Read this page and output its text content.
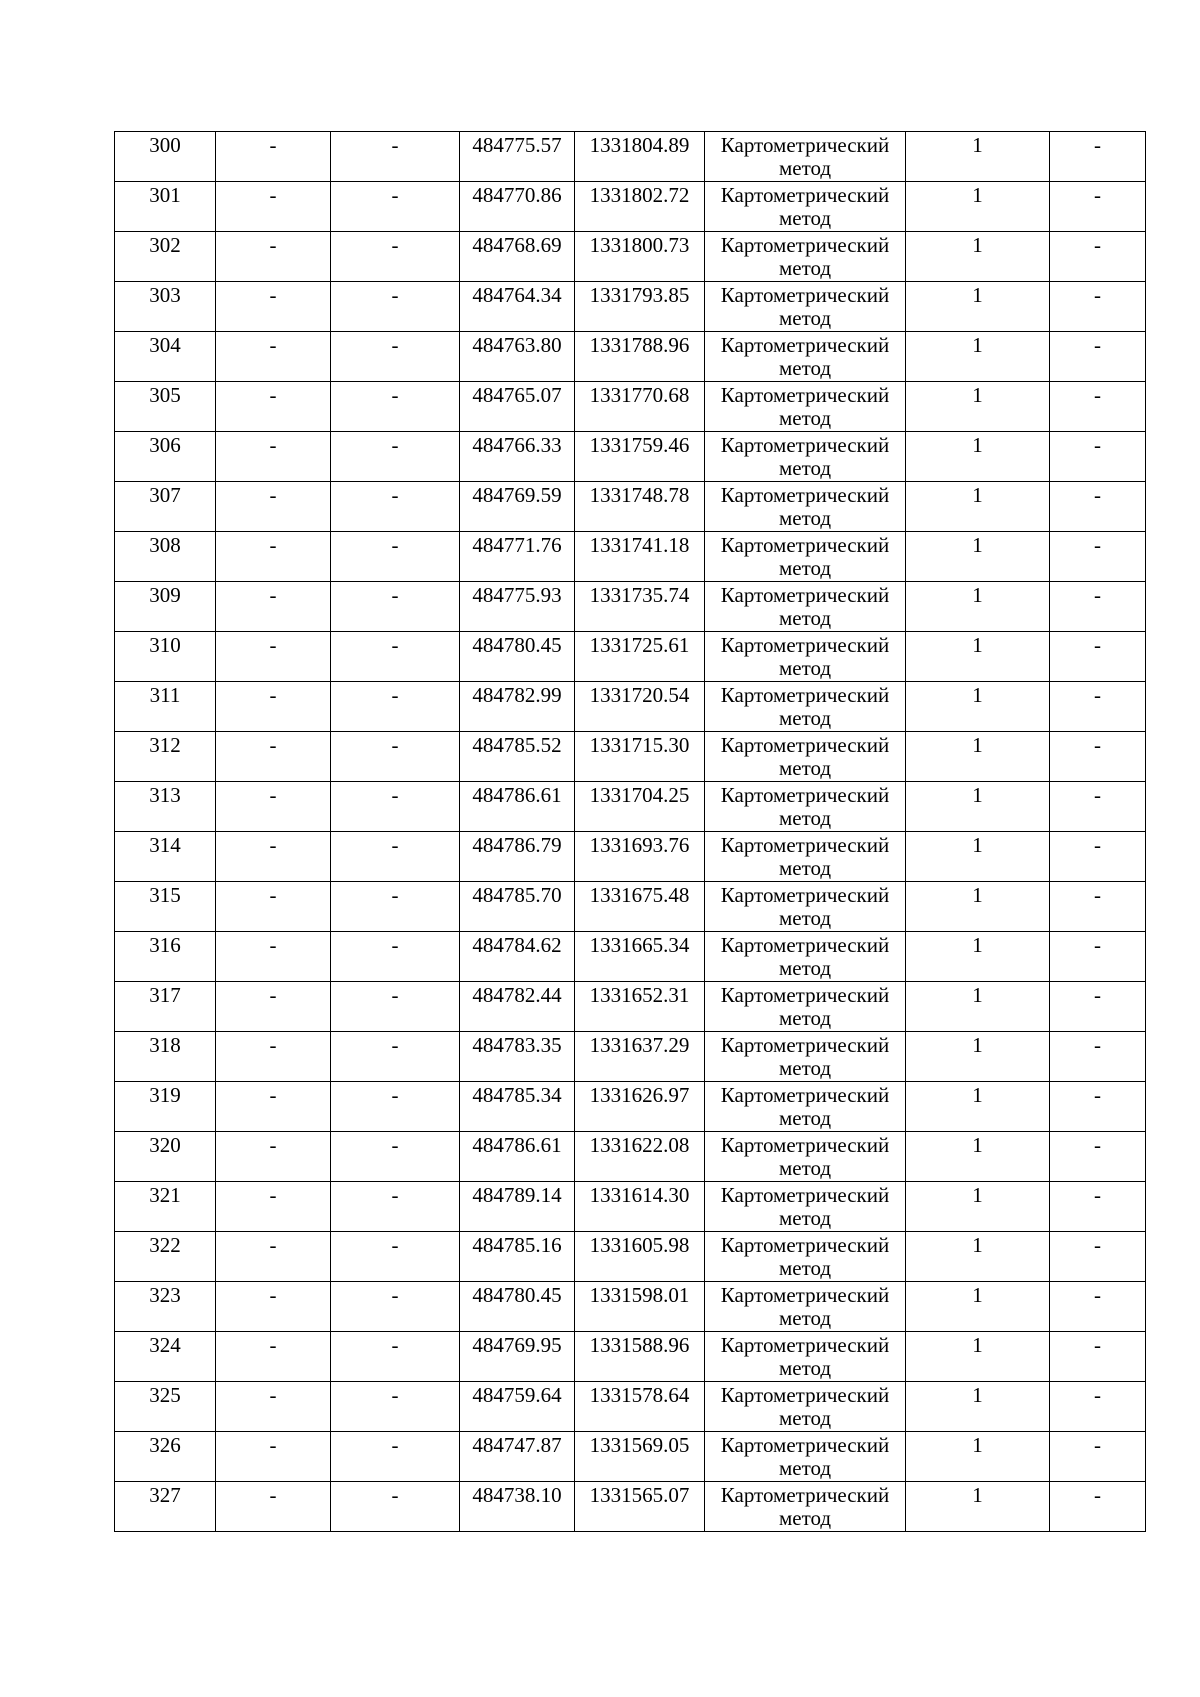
300	-	-	484775.57	1331804.89	Картометрический метод	1	-

301	-	-	484770.86	1331802.72	Картометрический метод	1	-

302	-	-	484768.69	1331800.73	Картометрический метод	1	-

303	-	-	484764.34	1331793.85	Картометрический метод	1	-

304	-	-	484763.80	1331788.96	Картометрический метод	1	-

305	-	-	484765.07	1331770.68	Картометрический метод	1	-

306	-	-	484766.33	1331759.46	Картометрический метод	1	-

307	-	-	484769.59	1331748.78	Картометрический метод	1	-

308	-	-	484771.76	1331741.18	Картометрический метод	1	-

309	-	-	484775.93	1331735.74	Картометрический метод	1	-

310	-	-	484780.45	1331725.61	Картометрический метод	1	-

311	-	-	484782.99	1331720.54	Картометрический метод	1	-

312	-	-	484785.52	1331715.30	Картометрический метод	1	-

313	-	-	484786.61	1331704.25	Картометрический метод	1	-

314	-	-	484786.79	1331693.76	Картометрический метод	1	-

315	-	-	484785.70	1331675.48	Картометрический метод	1	-

316	-	-	484784.62	1331665.34	Картометрический метод	1	-

317	-	-	484782.44	1331652.31	Картометрический метод	1	-

318	-	-	484783.35	1331637.29	Картометрический метод	1	-

319	-	-	484785.34	1331626.97	Картометрический метод	1	-

320	-	-	484786.61	1331622.08	Картометрический метод	1	-

321	-	-	484789.14	1331614.30	Картометрический метод	1	-

322	-	-	484785.16	1331605.98	Картометрический метод	1	-

323	-	-	484780.45	1331598.01	Картометрический метод	1	-

324	-	-	484769.95	1331588.96	Картометрический метод	1	-

325	-	-	484759.64	1331578.64	Картометрический метод	1	-

326	-	-	484747.87	1331569.05	Картометрический метод	1	-

327	-	-	484738.10	1331565.07	Картометрический метод	1	-
